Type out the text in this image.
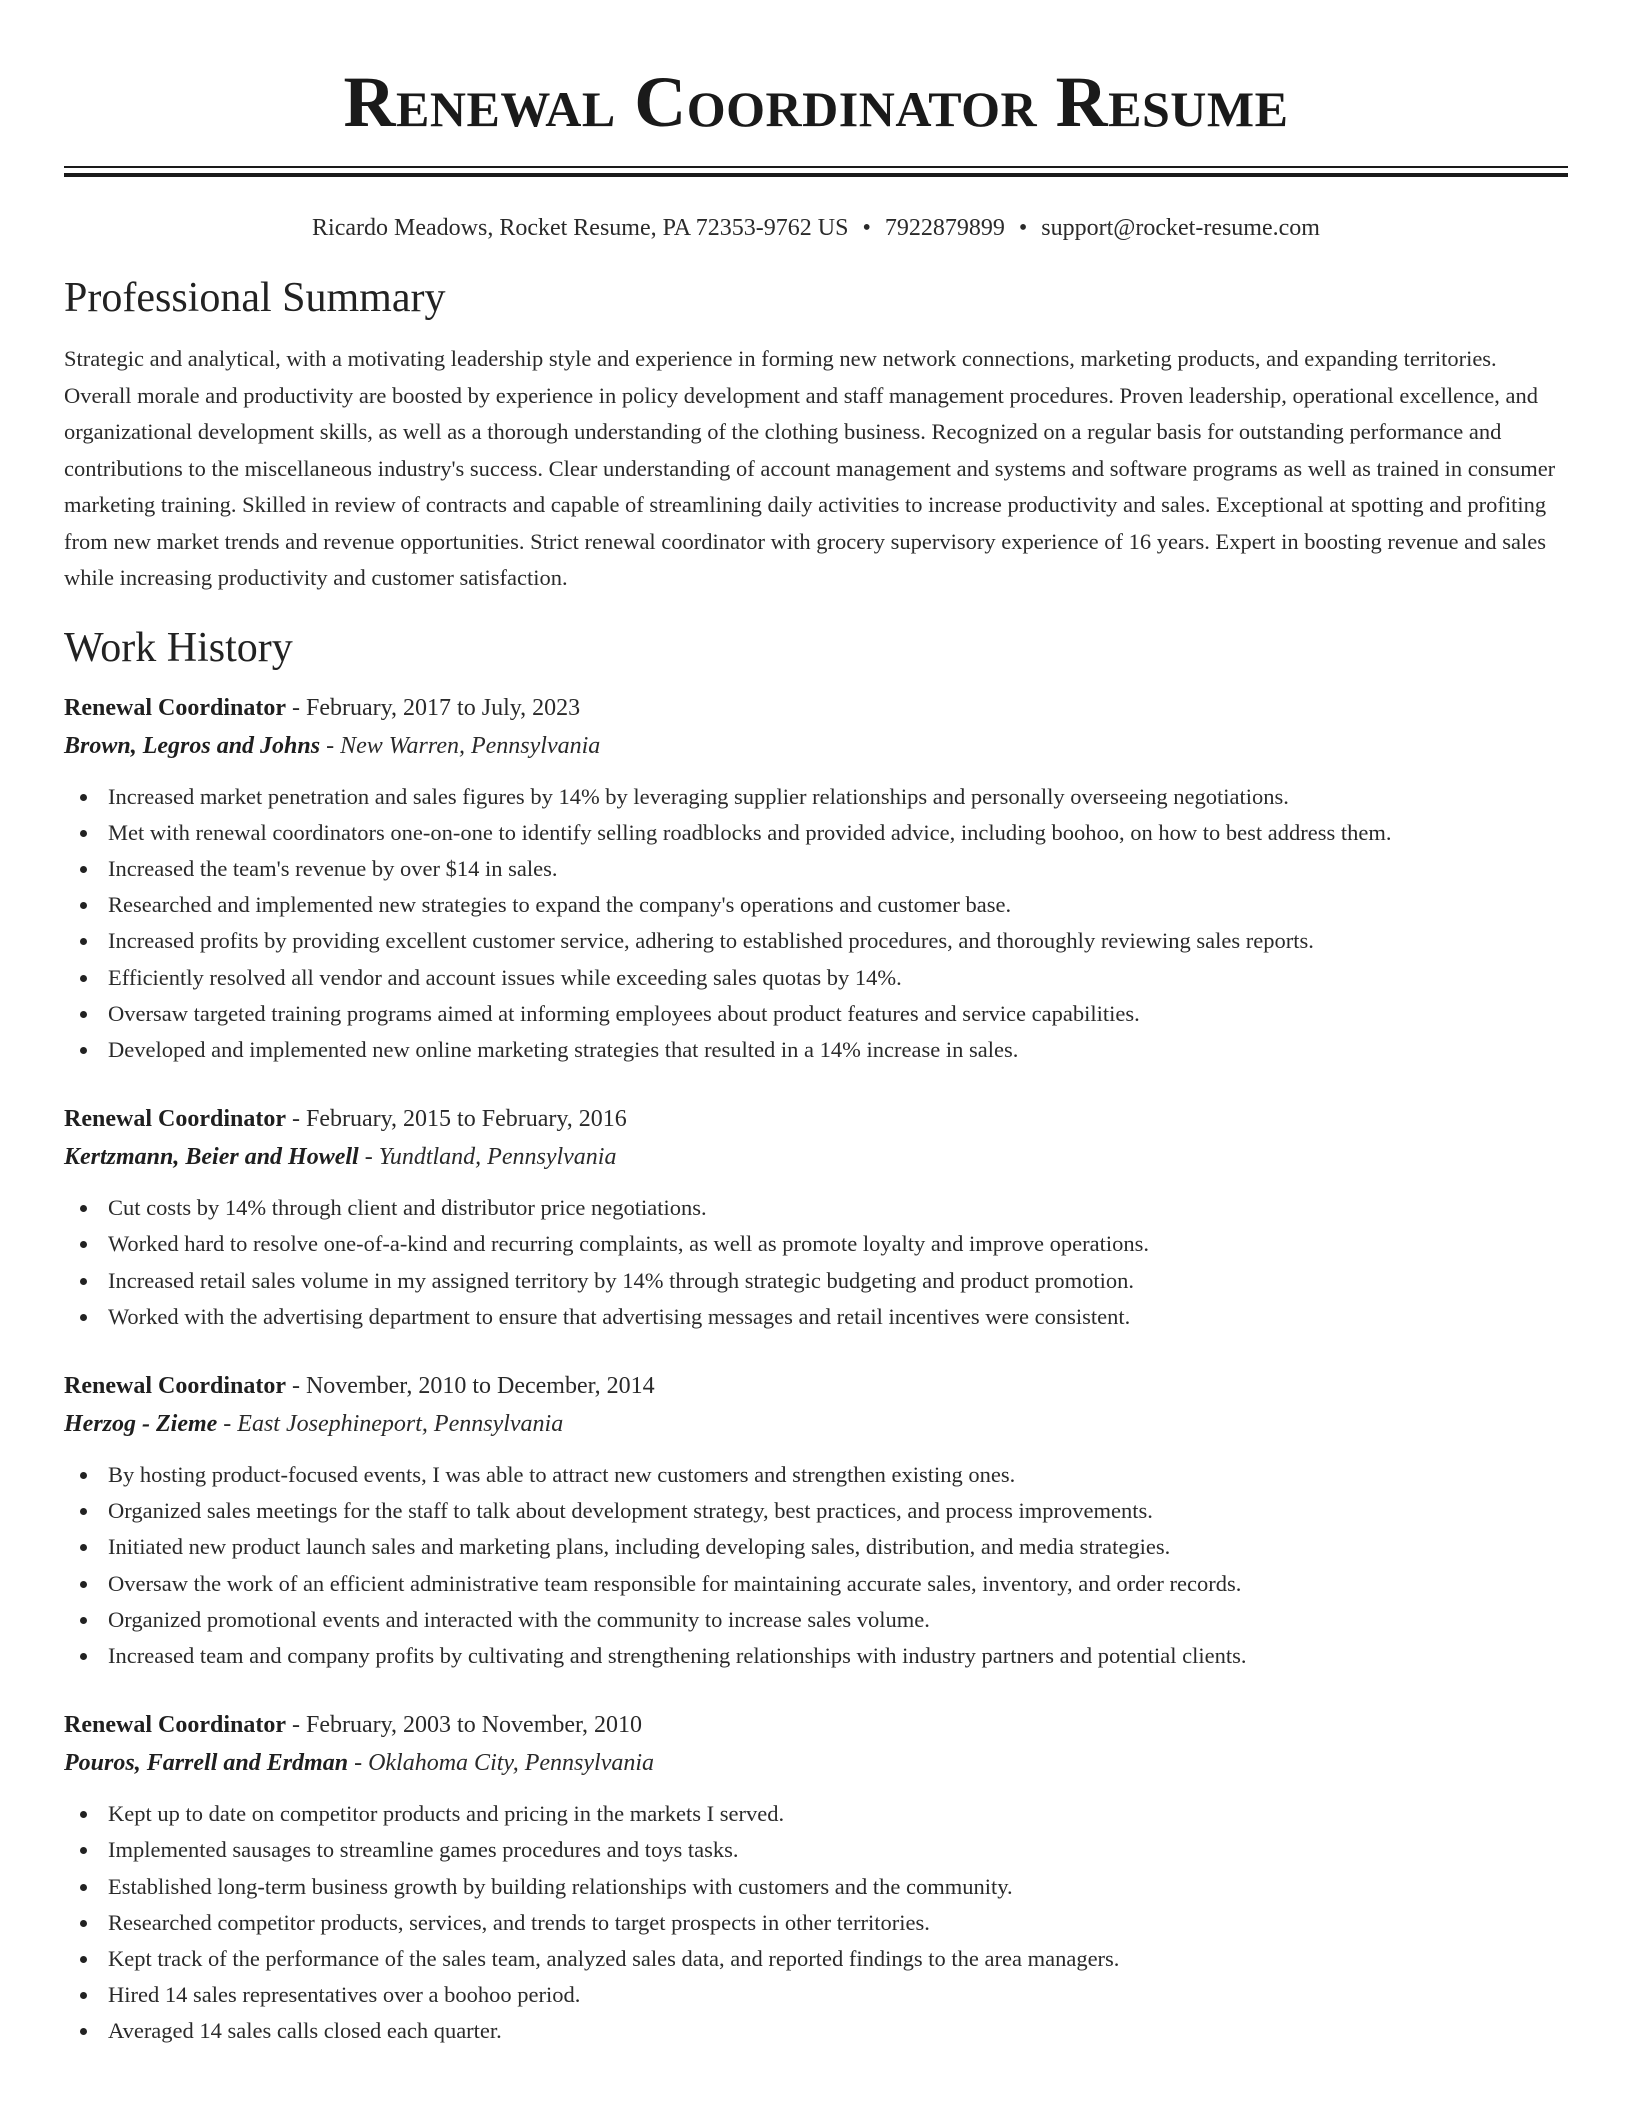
Renewal Coordinator Resume
Ricardo Meadows, Rocket Resume, PA 72353-9762 US • 7922879899 • support@rocket-resume.com
Professional Summary

Strategic and analytical, with a motivating leadership style and experience in forming new network connections, marketing products, and expanding territories. Overall morale and productivity are boosted by experience in policy development and staff management procedures. Proven leadership, operational excellence, and organizational development skills, as well as a thorough understanding of the clothing business. Recognized on a regular basis for outstanding performance and contributions to the miscellaneous industry's success. Clear understanding of account management and systems and software programs as well as trained in consumer marketing training. Skilled in review of contracts and capable of streamlining daily activities to increase productivity and sales. Exceptional at spotting and profiting from new market trends and revenue opportunities. Strict renewal coordinator with grocery supervisory experience of 16 years. Expert in boosting revenue and sales while increasing productivity and customer satisfaction.

Work History
Renewal Coordinator - February, 2017 to July, 2023
Brown, Legros and Johns - New Warren, Pennsylvania
Increased market penetration and sales figures by 14% by leveraging supplier relationships and personally overseeing negotiations.
Met with renewal coordinators one-on-one to identify selling roadblocks and provided advice, including boohoo, on how to best address them.
Increased the team's revenue by over $14 in sales.
Researched and implemented new strategies to expand the company's operations and customer base.
Increased profits by providing excellent customer service, adhering to established procedures, and thoroughly reviewing sales reports.
Efficiently resolved all vendor and account issues while exceeding sales quotas by 14%.
Oversaw targeted training programs aimed at informing employees about product features and service capabilities.
Developed and implemented new online marketing strategies that resulted in a 14% increase in sales.
Renewal Coordinator - February, 2015 to February, 2016
Kertzmann, Beier and Howell - Yundtland, Pennsylvania
Cut costs by 14% through client and distributor price negotiations.
Worked hard to resolve one-of-a-kind and recurring complaints, as well as promote loyalty and improve operations.
Increased retail sales volume in my assigned territory by 14% through strategic budgeting and product promotion.
Worked with the advertising department to ensure that advertising messages and retail incentives were consistent.
Renewal Coordinator - November, 2010 to December, 2014
Herzog - Zieme - East Josephineport, Pennsylvania
By hosting product-focused events, I was able to attract new customers and strengthen existing ones.
Organized sales meetings for the staff to talk about development strategy, best practices, and process improvements.
Initiated new product launch sales and marketing plans, including developing sales, distribution, and media strategies.
Oversaw the work of an efficient administrative team responsible for maintaining accurate sales, inventory, and order records.
Organized promotional events and interacted with the community to increase sales volume.
Increased team and company profits by cultivating and strengthening relationships with industry partners and potential clients.
Renewal Coordinator - February, 2003 to November, 2010
Pouros, Farrell and Erdman - Oklahoma City, Pennsylvania
Kept up to date on competitor products and pricing in the markets I served.
Implemented sausages to streamline games procedures and toys tasks.
Established long-term business growth by building relationships with customers and the community.
Researched competitor products, services, and trends to target prospects in other territories.
Kept track of the performance of the sales team, analyzed sales data, and reported findings to the area managers.
Hired 14 sales representatives over a boohoo period.
Averaged 14 sales calls closed each quarter.
